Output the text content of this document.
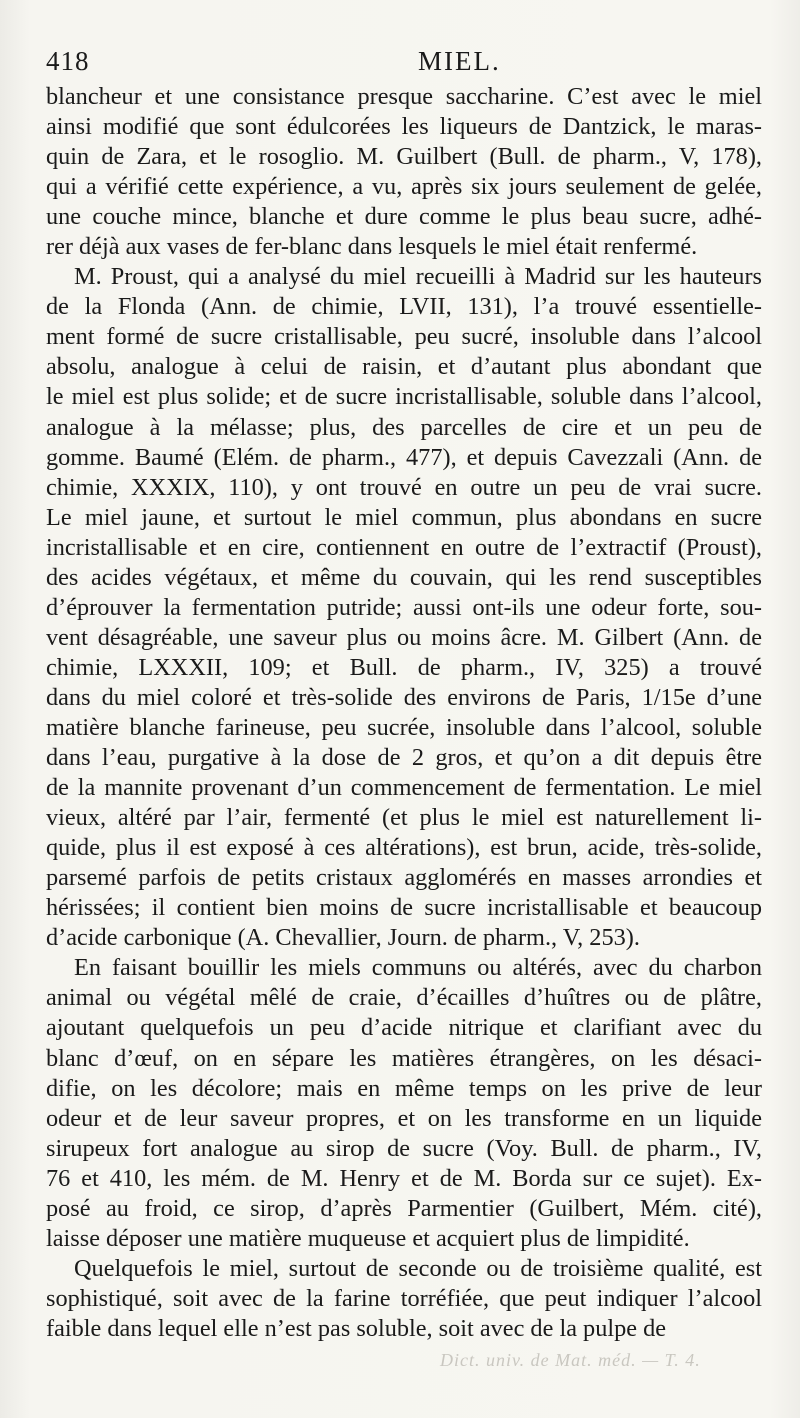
418	MIEL.

blancheur et une consistance presque saccharine. C’est avec le miel
ainsi modifié que sont édulcorées les liqueurs de Dantzick, le maras-
quin de Zara, et le rosoglio. M. Guilbert (Bull. de pharm., V, 178),
qui a vérifié cette expérience, a vu, après six jours seulement de gelée,
une couche mince, blanche et dure comme le plus beau sucre, adhé-
rer déjà aux vases de fer-blanc dans lesquels le miel était renfermé.

M. Proust, qui a analysé du miel recueilli à Madrid sur les hauteurs
de la Flonda (Ann. de chimie, LVII, 131), l’a trouvé essentielle-
ment formé de sucre cristallisable, peu sucré, insoluble dans l’alcool
absolu, analogue à celui de raisin, et d’autant plus abondant que
le miel est plus solide; et de sucre incristallisable, soluble dans l’alcool,
analogue à la mélasse; plus, des parcelles de cire et un peu de
gomme. Baumé (Elém. de pharm., 477), et depuis Cavezzali (Ann. de
chimie, XXXIX, 110), y ont trouvé en outre un peu de vrai sucre.
Le miel jaune, et surtout le miel commun, plus abondans en sucre
incristallisable et en cire, contiennent en outre de l’extractif (Proust),
des acides végétaux, et même du couvain, qui les rend susceptibles
d’éprouver la fermentation putride; aussi ont-ils une odeur forte, sou-
vent désagréable, une saveur plus ou moins âcre. M. Gilbert (Ann. de
chimie, LXXXII, 109; et Bull. de pharm., IV, 325) a trouvé
dans du miel coloré et très-solide des environs de Paris, 1/15e d’une
matière blanche farineuse, peu sucrée, insoluble dans l’alcool, soluble
dans l’eau, purgative à la dose de 2 gros, et qu’on a dit depuis être
de la mannite provenant d’un commencement de fermentation. Le miel
vieux, altéré par l’air, fermenté (et plus le miel est naturellement li-
quide, plus il est exposé à ces altérations), est brun, acide, très-solide,
parsemé parfois de petits cristaux agglomérés en masses arrondies et
hérissées; il contient bien moins de sucre incristallisable et beaucoup
d’acide carbonique (A. Chevallier, Journ. de pharm., V, 253).

En faisant bouillir les miels communs ou altérés, avec du charbon
animal ou végétal mêlé de craie, d’écailles d’huîtres ou de plâtre,
ajoutant quelquefois un peu d’acide nitrique et clarifiant avec du
blanc d’œuf, on en sépare les matières étrangères, on les désaci-
difie, on les décolore; mais en même temps on les prive de leur
odeur et de leur saveur propres, et on les transforme en un liquide
sirupeux fort analogue au sirop de sucre (Voy. Bull. de pharm., IV,
76 et 410, les mém. de M. Henry et de M. Borda sur ce sujet). Ex-
posé au froid, ce sirop, d’après Parmentier (Guilbert, Mém. cité),
laisse déposer une matière muqueuse et acquiert plus de limpidité.

Quelquefois le miel, surtout de seconde ou de troisième qualité, est
sophistiqué, soit avec de la farine torréfiée, que peut indiquer l’alcool
faible dans lequel elle n’est pas soluble, soit avec de la pulpe de

Dict. univ. de Mat. méd. — T. 4.
